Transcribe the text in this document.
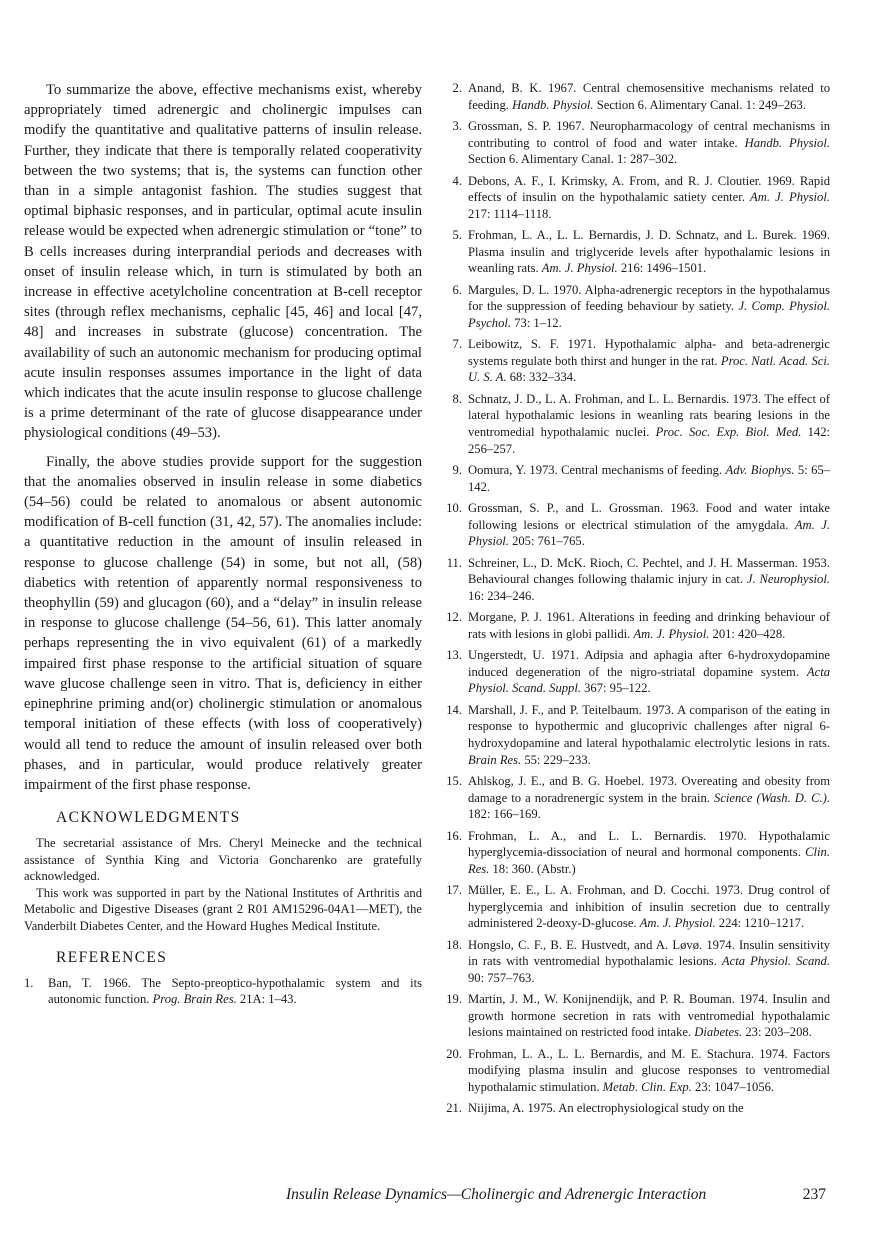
To summarize the above, effective mechanisms exist, whereby appropriately timed adrenergic and cholinergic impulses can modify the quantitative and qualitative patterns of insulin release. Further, they indicate that there is temporally related cooperativity between the two systems; that is, the systems can function other than in a simple antagonist fashion. The studies suggest that optimal biphasic responses, and in particular, optimal acute insulin release would be expected when adrenergic stimulation or “tone” to B cells increases during interprandial periods and decreases with onset of insulin release which, in turn is stimulated by both an increase in effective acetylcholine concentration at B-cell receptor sites (through reflex mechanisms, cephalic [45, 46] and local [47, 48] and increases in substrate (glucose) concentration. The availability of such an autonomic mechanism for producing optimal acute insulin responses assumes importance in the light of data which indicates that the acute insulin response to glucose challenge is a prime determinant of the rate of glucose disappearance under physiological conditions (49–53).

Finally, the above studies provide support for the suggestion that the anomalies observed in insulin release in some diabetics (54–56) could be related to anomalous or absent autonomic modification of B-cell function (31, 42, 57). The anomalies include: a quantitative reduction in the amount of insulin released in response to glucose challenge (54) in some, but not all, (58) diabetics with retention of apparently normal responsiveness to theophyllin (59) and glucagon (60), and a “delay” in insulin release in response to glucose challenge (54–56, 61). This latter anomaly perhaps representing the in vivo equivalent (61) of a markedly impaired first phase response to the artificial situation of square wave glucose challenge seen in vitro. That is, deficiency in either epinephrine priming and(or) cholinergic stimulation or anomalous temporal initiation of these effects (with loss of cooperatively) would all tend to reduce the amount of insulin released over both phases, and in particular, would produce relatively greater impairment of the first phase response.

ACKNOWLEDGMENTS

The secretarial assistance of Mrs. Cheryl Meinecke and the technical assistance of Synthia King and Victoria Goncharenko are gratefully acknowledged.

This work was supported in part by the National Institutes of Arthritis and Metabolic and Digestive Diseases (grant 2 R01 AM15296-04A1—MET), the Vanderbilt Diabetes Center, and the Howard Hughes Medical Institute.

REFERENCES
1.	Ban, T. 1966. The Septo-preoptico-hypothalamic system and its autonomic function. Prog. Brain Res. 21A: 1–43.
2. Anand, B. K. 1967. Central chemosensitive mechanisms related to feeding. Handb. Physiol. Section 6. Alimentary Canal. 1: 249–263.
3. Grossman, S. P. 1967. Neuropharmacology of central mechanisms in contributing to control of food and water intake. Handb. Physiol. Section 6. Alimentary Canal. 1: 287–302.
4. Debons, A. F., I. Krimsky, A. From, and R. J. Cloutier. 1969. Rapid effects of insulin on the hypothalamic satiety center. Am. J. Physiol. 217: 1114–1118.
5. Frohman, L. A., L. L. Bernardis, J. D. Schnatz, and L. Burek. 1969. Plasma insulin and triglyceride levels after hypothalamic lesions in weanling rats. Am. J. Physiol. 216: 1496–1501.
6. Margules, D. L. 1970. Alpha-adrenergic receptors in the hypothalamus for the suppression of feeding behaviour by satiety. J. Comp. Physiol. Psychol. 73: 1–12.
7. Leibowitz, S. F. 1971. Hypothalamic alpha- and beta-adrenergic systems regulate both thirst and hunger in the rat. Proc. Natl. Acad. Sci. U. S. A. 68: 332–334.
8. Schnatz, J. D., L. A. Frohman, and L. L. Bernardis. 1973. The effect of lateral hypothalamic lesions in weanling rats bearing lesions in the ventromedial hypothalamic nuclei. Proc. Soc. Exp. Biol. Med. 142: 256–257.
9. Oomura, Y. 1973. Central mechanisms of feeding. Adv. Biophys. 5: 65–142.
10. Grossman, S. P., and L. Grossman. 1963. Food and water intake following lesions or electrical stimulation of the amygdala. Am. J. Physiol. 205: 761–765.
11. Schreiner, L., D. McK. Rioch, C. Pechtel, and J. H. Masserman. 1953. Behavioural changes following thalamic injury in cat. J. Neurophysiol. 16: 234–246.
12. Morgane, P. J. 1961. Alterations in feeding and drinking behaviour of rats with lesions in globi pallidi. Am. J. Physiol. 201: 420–428.
13. Ungerstedt, U. 1971. Adipsia and aphagia after 6-hydroxydopamine induced degeneration of the nigro-striatal dopamine system. Acta Physiol. Scand. Suppl. 367: 95–122.
14. Marshall, J. F., and P. Teitelbaum. 1973. A comparison of the eating in response to hypothermic and glucoprivic challenges after nigral 6-hydroxydopamine and lateral hypothalamic electrolytic lesions in rats. Brain Res. 55: 229–233.
15. Ahlskog, J. E., and B. G. Hoebel. 1973. Overeating and obesity from damage to a noradrenergic system in the brain. Science (Wash. D. C.). 182: 166–169.
16. Frohman, L. A., and L. L. Bernardis. 1970. Hypothalamic hyperglycemia-dissociation of neural and hormonal components. Clin. Res. 18: 360. (Abstr.)
17. Müller, E. E., L. A. Frohman, and D. Cocchi. 1973. Drug control of hyperglycemia and inhibition of insulin secretion due to centrally administered 2-deoxy-D-glucose. Am. J. Physiol. 224: 1210–1217.
18. Hongslo, C. F., B. E. Hustvedt, and A. Løvø. 1974. Insulin sensitivity in rats with ventromedial hypothalamic lesions. Acta Physiol. Scand. 90: 757–763.
19. Martin, J. M., W. Konijnendijk, and P. R. Bouman. 1974. Insulin and growth hormone secretion in rats with ventromedial hypothalamic lesions maintained on restricted food intake. Diabetes. 23: 203–208.
20. Frohman, L. A., L. L. Bernardis, and M. E. Stachura. 1974. Factors modifying plasma insulin and glucose responses to ventromedial hypothalamic stimulation. Metab. Clin. Exp. 23: 1047–1056.
21. Niijima, A. 1975. An electrophysiological study on the
Insulin Release Dynamics—Cholinergic and Adrenergic Interaction	237
